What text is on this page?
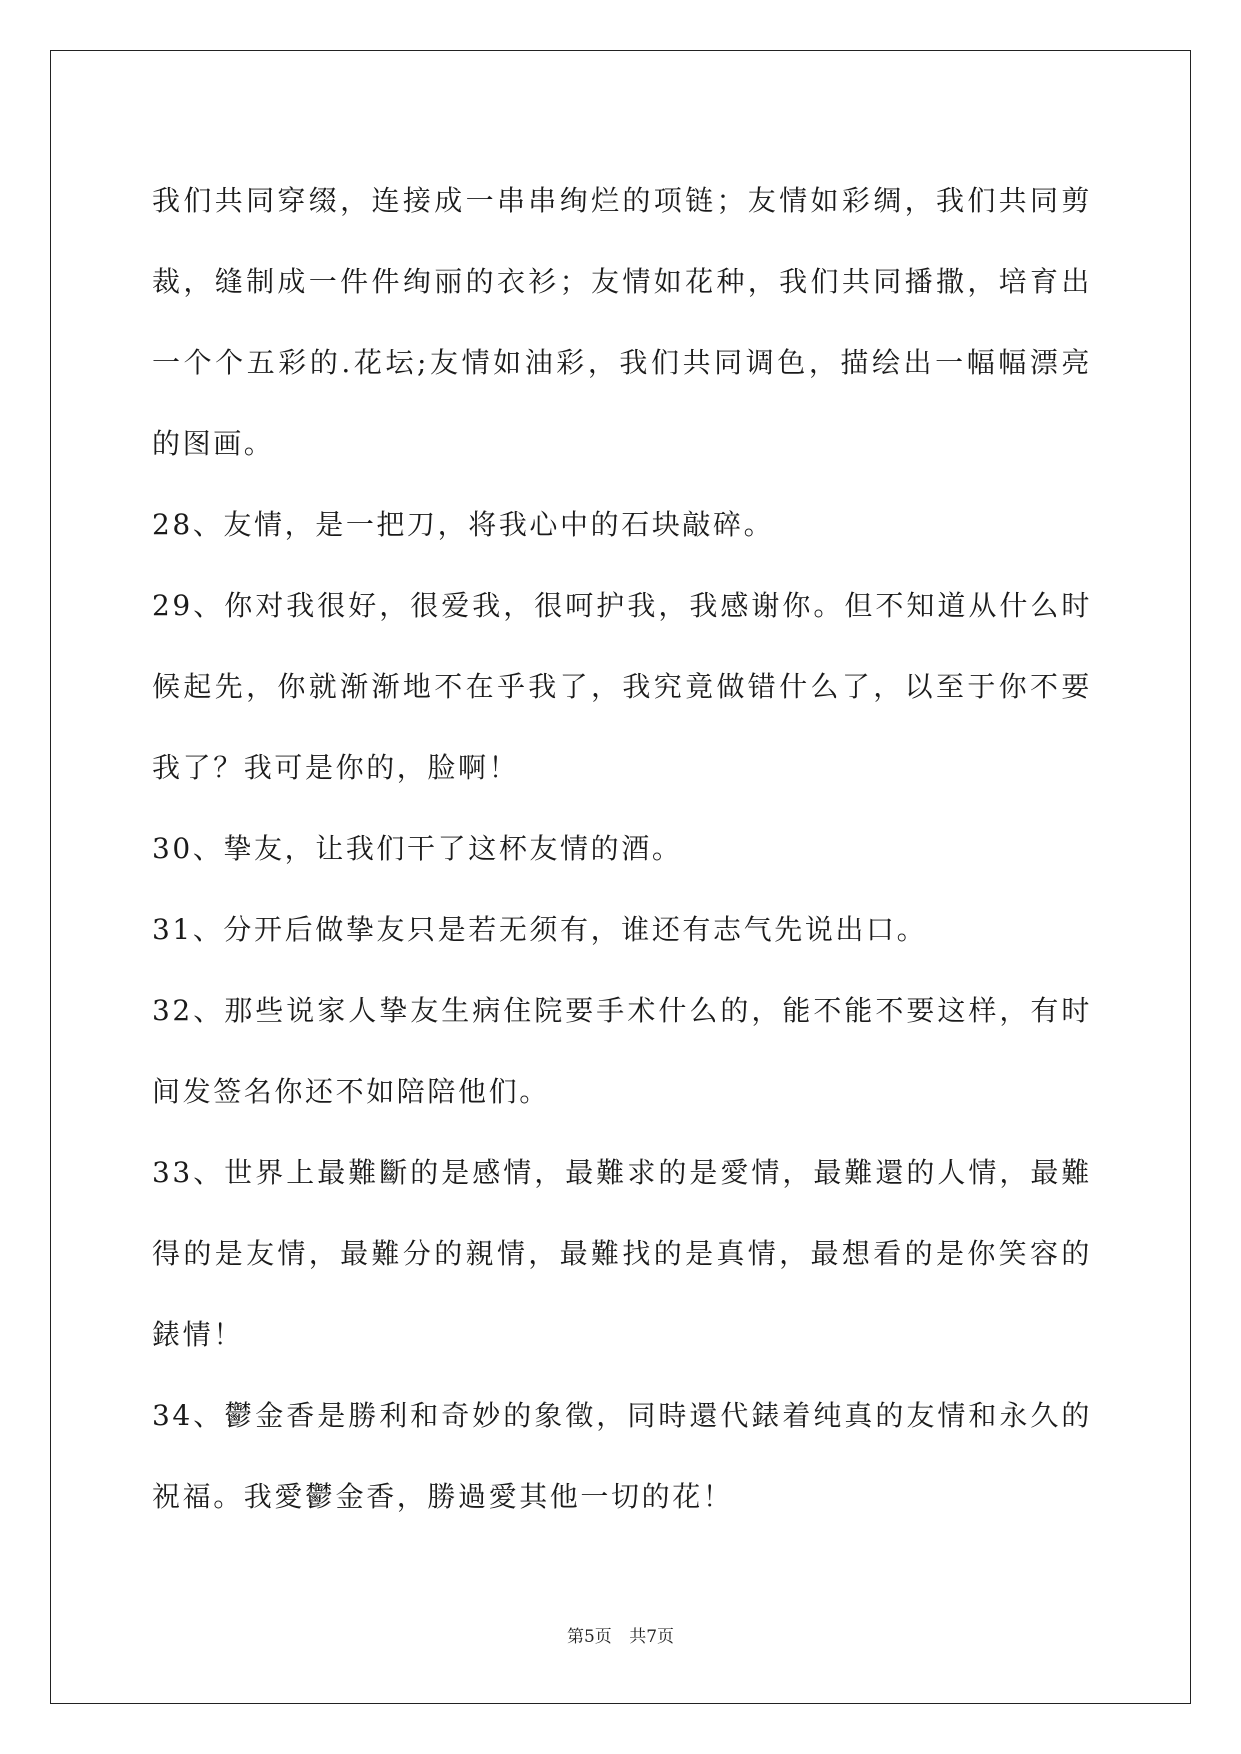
我们共同穿缀，连接成一串串绚烂的项链；友情如彩绸，我们共同剪裁，缝制成一件件绚丽的衣衫；友情如花种，我们共同播撒，培育出一个个五彩的.花坛;友情如油彩，我们共同调色，描绘出一幅幅漂亮的图画。

28、友情，是一把刀，将我心中的石块敲碎。

29、你对我很好，很爱我，很呵护我，我感谢你。但不知道从什么时候起先，你就渐渐地不在乎我了，我究竟做错什么了，以至于你不要我了？我可是你的，脸啊！

30、挚友，让我们干了这杯友情的酒。

31、分开后做挚友只是若无须有，谁还有志气先说出口。

32、那些说家人挚友生病住院要手术什么的，能不能不要这样，有时间发签名你还不如陪陪他们。

33、世界上最難斷的是感情，最難求的是愛情，最難還的人情，最難得的是友情，最難分的親情，最難找的是真情，最想看的是你笑容的錶情！

34、鬱金香是勝利和奇妙的象徵，同時還代錶着纯真的友情和永久的祝福。我愛鬱金香，勝過愛其他一切的花！

第5页 共7页
